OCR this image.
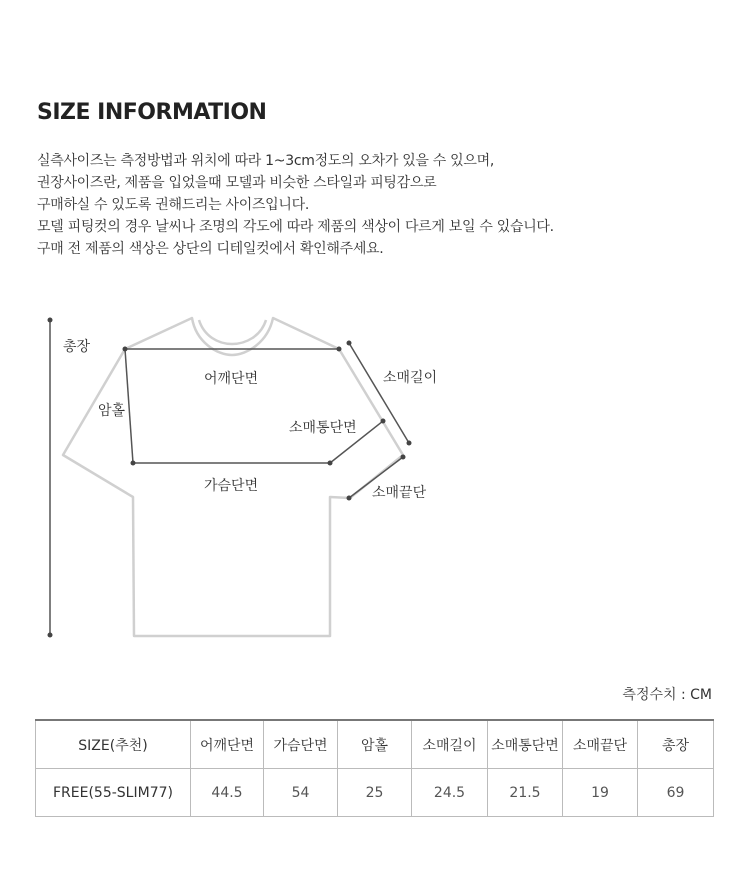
SIZE INFORMATION
실측사이즈는 측정방법과 위치에 따라 1~3cm정도의 오차가 있을 수 있으며,
권장사이즈란, 제품을 입었을때 모델과 비슷한 스타일과 피팅감으로
구매하실 수 있도록 권해드리는 사이즈입니다.
모델 피팅컷의 경우 날씨나 조명의 각도에 따라 제품의 색상이 다르게 보일 수 있습니다.
구매 전 제품의 색상은 상단의 디테일컷에서 확인해주세요.
총장
어깨단면
암홀
소매길이
소매통단면
가슴단면	소매끝단
측정수치 : CM
SIZE(추천)	어깨단면	가슴단면	암홀	소매길이	소매통단면	소매끝단	총장
FREE(55-SLIM77)	44.5	54	25	24.5	21.5	19	69
